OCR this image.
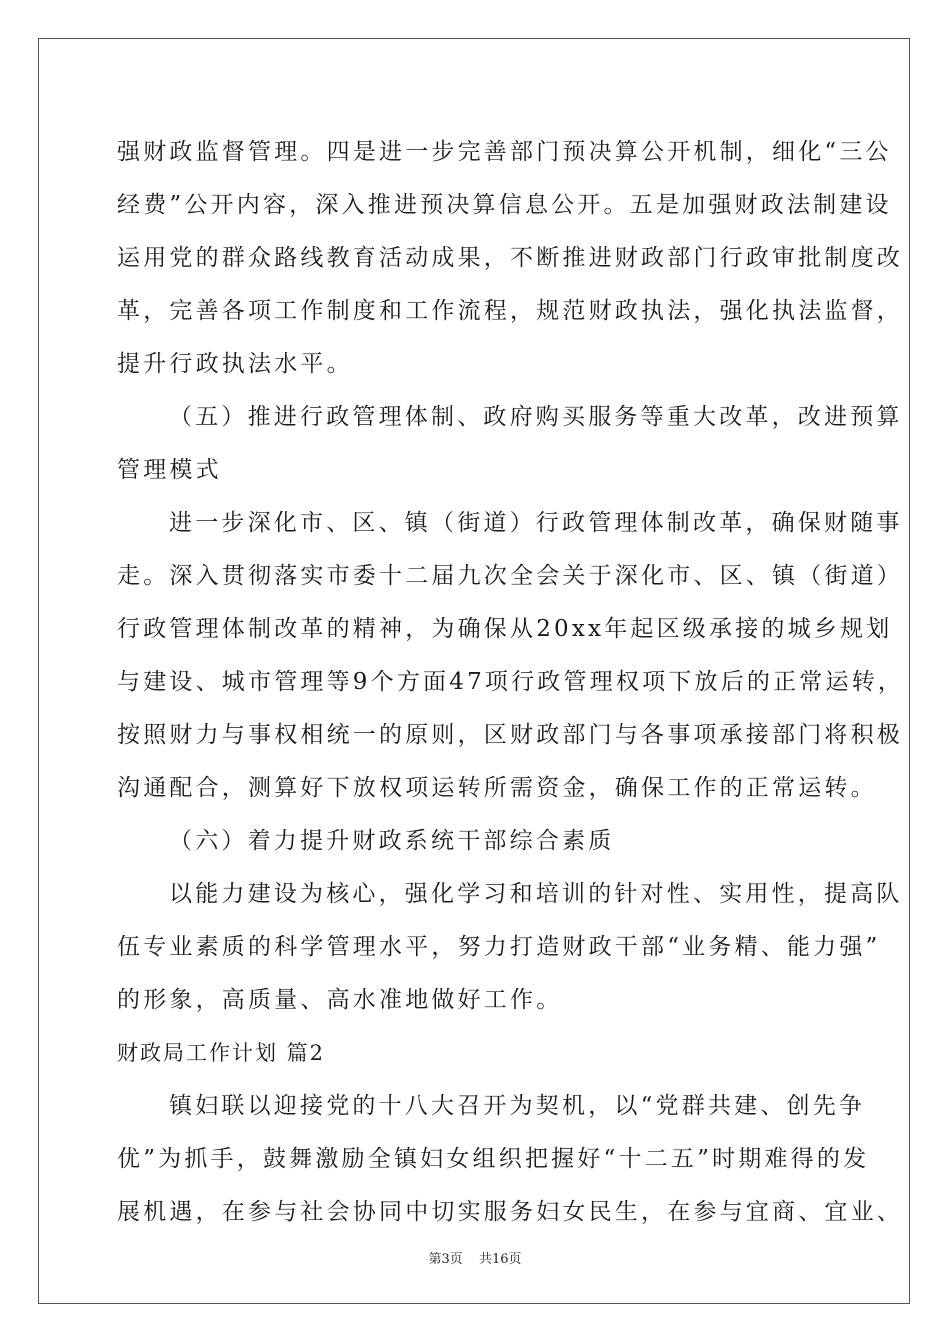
强财政监督管理。四是进一步完善部门预决算公开机制，细化“三公
经费”公开内容，深入推进预决算信息公开。五是加强财政法制建设
运用党的群众路线教育活动成果，不断推进财政部门行政审批制度改
革，完善各项工作制度和工作流程，规范财政执法，强化执法监督，
提升行政执法水平。
（五）推进行政管理体制、政府购买服务等重大改革，改进预算
管理模式
进一步深化市、区、镇（街道）行政管理体制改革，确保财随事
走。深入贯彻落实市委十二届九次全会关于深化市、区、镇（街道）
行政管理体制改革的精神，为确保从20xx年起区级承接的城乡规划
与建设、城市管理等9个方面47项行政管理权项下放后的正常运转，
按照财力与事权相统一的原则，区财政部门与各事项承接部门将积极
沟通配合，测算好下放权项运转所需资金，确保工作的正常运转。
（六）着力提升财政系统干部综合素质
以能力建设为核心，强化学习和培训的针对性、实用性，提高队
伍专业素质的科学管理水平，努力打造财政干部“业务精、能力强”
的形象，高质量、高水准地做好工作。
财政局工作计划 篇2
镇妇联以迎接党的十八大召开为契机，以“党群共建、创先争
优”为抓手，鼓舞激励全镇妇女组织把握好“十二五”时期难得的发
展机遇，在参与社会协同中切实服务妇女民生，在参与宜商、宜业、
第3页 共16页
